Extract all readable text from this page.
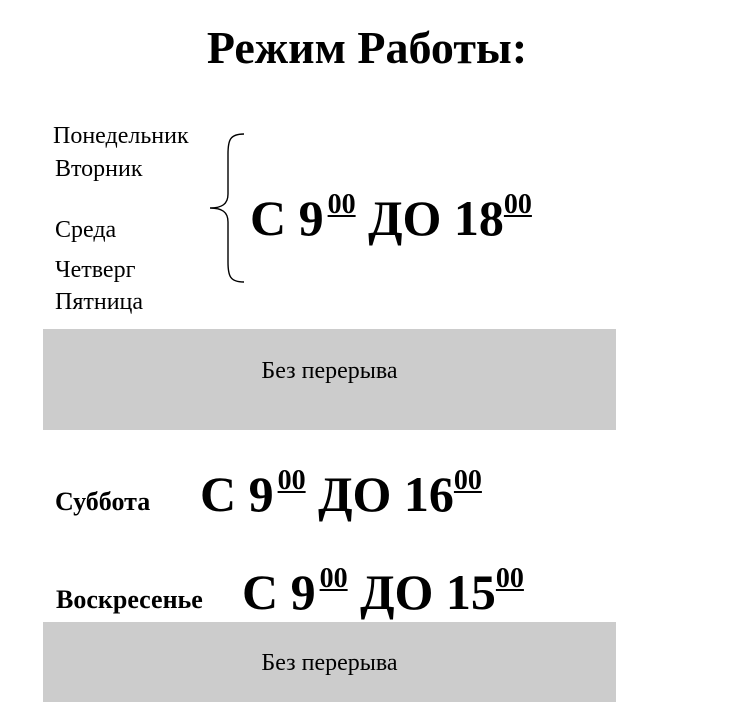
Режим Работы:
Понедельник
Вторник
Среда
Четверг
Пятница
С 9 $^{00}$ ДО $18^{00}$
Без перерыва
Суббота С 9 $^{00}$ ДО $16^{00}$
Воскресенье С 9 $^{00}$ ДО $15^{00}$
Без перерыва
